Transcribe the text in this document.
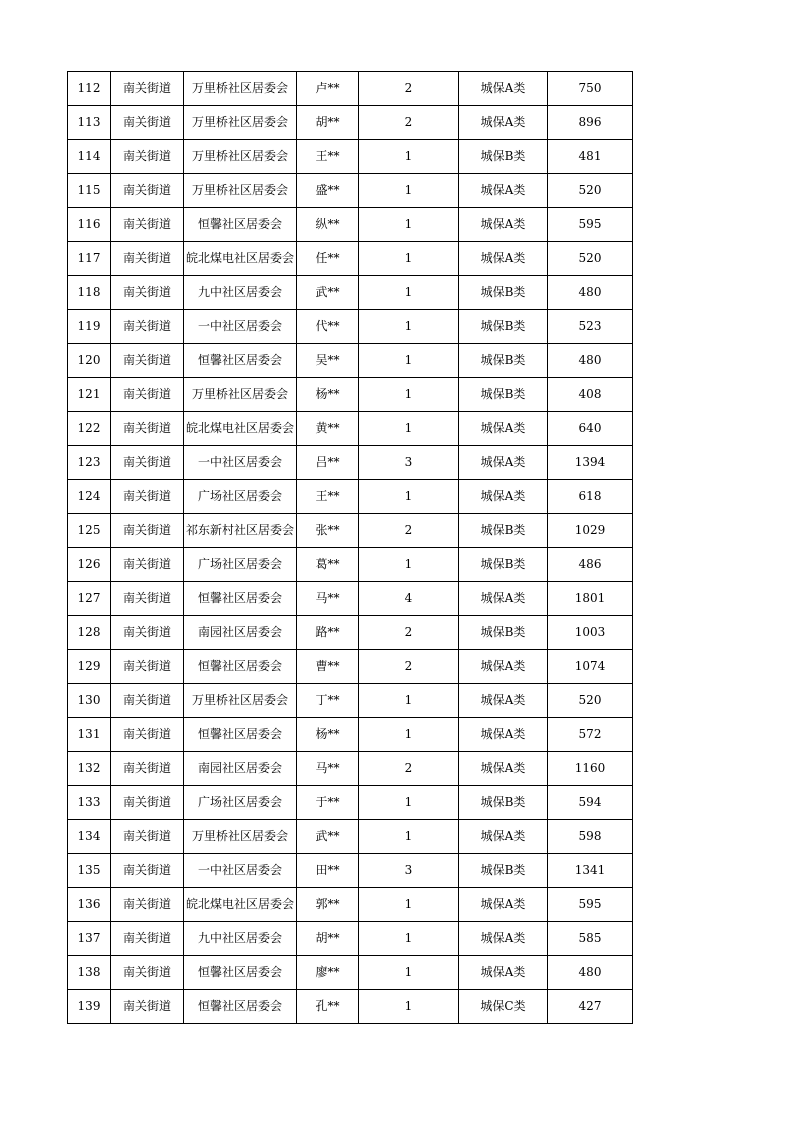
112	南关街道	万里桥社区居委会	卢**	2	城保A类	750
113	南关街道	万里桥社区居委会	胡**	2	城保A类	896
114	南关街道	万里桥社区居委会	王**	1	城保B类	481
115	南关街道	万里桥社区居委会	盛**	1	城保A类	520
116	南关街道	恒馨社区居委会	纵**	1	城保A类	595
117	南关街道	皖北煤电社区居委会	任**	1	城保A类	520
118	南关街道	九中社区居委会	武**	1	城保B类	480
119	南关街道	一中社区居委会	代**	1	城保B类	523
120	南关街道	恒馨社区居委会	吴**	1	城保B类	480
121	南关街道	万里桥社区居委会	杨**	1	城保B类	408
122	南关街道	皖北煤电社区居委会	黄**	1	城保A类	640
123	南关街道	一中社区居委会	吕**	3	城保A类	1394
124	南关街道	广场社区居委会	王**	1	城保A类	618
125	南关街道	祁东新村社区居委会	张**	2	城保B类	1029
126	南关街道	广场社区居委会	葛**	1	城保B类	486
127	南关街道	恒馨社区居委会	马**	4	城保A类	1801
128	南关街道	南园社区居委会	路**	2	城保B类	1003
129	南关街道	恒馨社区居委会	曹**	2	城保A类	1074
130	南关街道	万里桥社区居委会	丁**	1	城保A类	520
131	南关街道	恒馨社区居委会	杨**	1	城保A类	572
132	南关街道	南园社区居委会	马**	2	城保A类	1160
133	南关街道	广场社区居委会	于**	1	城保B类	594
134	南关街道	万里桥社区居委会	武**	1	城保A类	598
135	南关街道	一中社区居委会	田**	3	城保B类	1341
136	南关街道	皖北煤电社区居委会	郭**	1	城保A类	595
137	南关街道	九中社区居委会	胡**	1	城保A类	585
138	南关街道	恒馨社区居委会	廖**	1	城保A类	480
139	南关街道	恒馨社区居委会	孔**	1	城保C类	427
